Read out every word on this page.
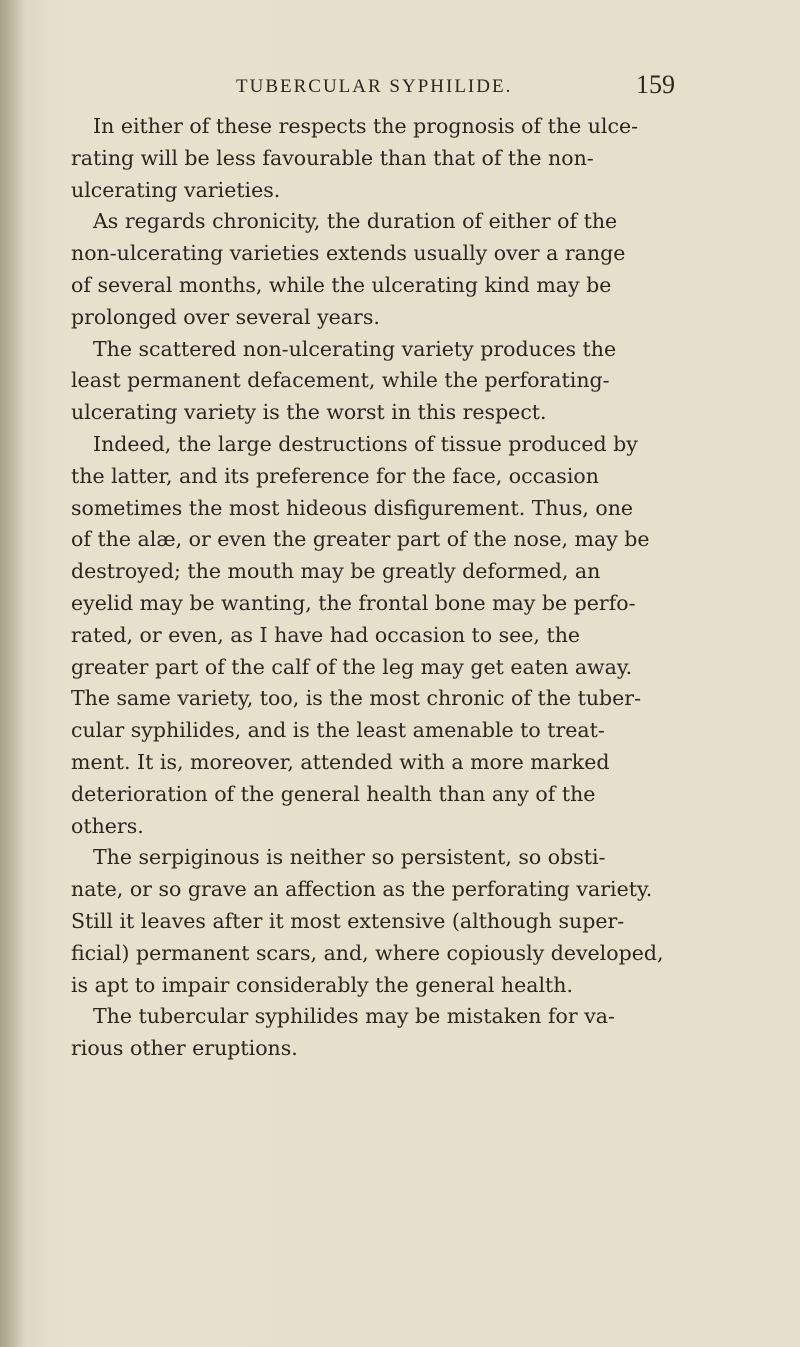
TUBERCULAR SYPHILIDE.	159
In either of these respects the prognosis of the ulce-
rating will be less favourable than that of the non-
ulcerating varieties.
As regards chronicity, the duration of either of the
non-ulcerating varieties extends usually over a range
of several months, while the ulcerating kind may be
prolonged over several years.
The scattered non-ulcerating variety produces the
least permanent defacement, while the perforating-
ulcerating variety is the worst in this respect.
Indeed, the large destructions of tissue produced by
the latter, and its preference for the face, occasion
sometimes the most hideous disfigurement. Thus, one
of the alæ, or even the greater part of the nose, may be
destroyed; the mouth may be greatly deformed, an
eyelid may be wanting, the frontal bone may be perfo-
rated, or even, as I have had occasion to see, the
greater part of the calf of the leg may get eaten away.
The same variety, too, is the most chronic of the tuber-
cular syphilides, and is the least amenable to treat-
ment. It is, moreover, attended with a more marked
deterioration of the general health than any of the
others.
The serpiginous is neither so persistent, so obsti-
nate, or so grave an affection as the perforating variety.
Still it leaves after it most extensive (although super-
ficial) permanent scars, and, where copiously developed,
is apt to impair considerably the general health.
The tubercular syphilides may be mistaken for va-
rious other eruptions.
